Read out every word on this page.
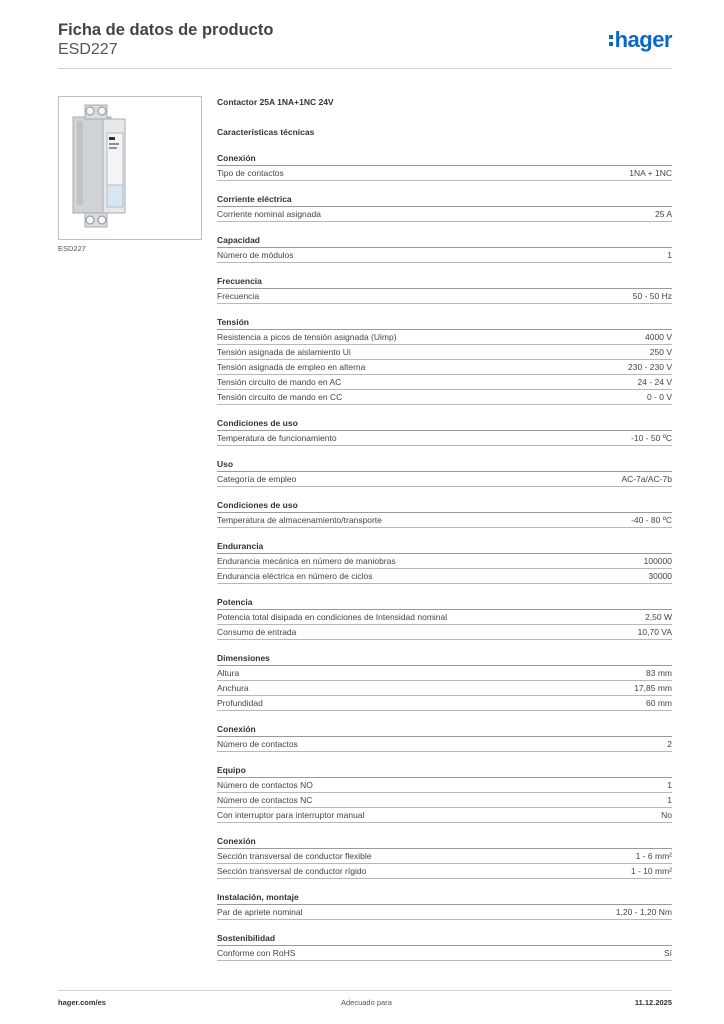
Ficha de datos de producto
ESD227	hager
ESD227
Contactor 25A 1NA+1NC 24V
Características técnicas
Conexión
Tipo de contactos	1NA + 1NC
Corriente eléctrica
Corriente nominal asignada	25 A
Capacidad
Número de módulos	1
Frecuencia
Frecuencia	50 - 50 Hz
Tensión
Resistencia a picos de tensión asignada (Uimp)	4000 V
Tensión asignada de aislamiento Ui	250 V
Tensión asignada de empleo en alterna	230 - 230 V
Tensión circuito de mando en AC	24 - 24 V
Tensión circuito de mando en CC	0 - 0 V
Condiciones de uso
Temperatura de funcionamiento	-10 - 50 ºC
Uso
Categoría de empleo	AC-7a/AC-7b
Condiciones de uso
Temperatura de almacenamiento/transporte	-40 - 80 ºC
Endurancia
Endurancia mecánica en número de maniobras	100000
Endurancia eléctrica en número de ciclos	30000
Potencia
Potencia total disipada en condiciones de Intensidad nominal	2,50 W
Consumo de entrada	10,70 VA
Dimensiones
Altura	83 mm
Anchura	17,85 mm
Profundidad	60 mm
Conexión
Número de contactos	2
Equipo
Número de contactos NO	1
Número de contactos NC	1
Con interruptor para interruptor manual	No
Conexión
Sección transversal de conductor flexible	1 - 6 mm²
Sección transversal de conductor rígido	1 - 10 mm²
Instalación, montaje
Par de apriete nominal	1,20 - 1,20 Nm
Sostenibilidad
Conforme con RoHS	Sí
hager.com/es	Adecuado para	11.12.2025
